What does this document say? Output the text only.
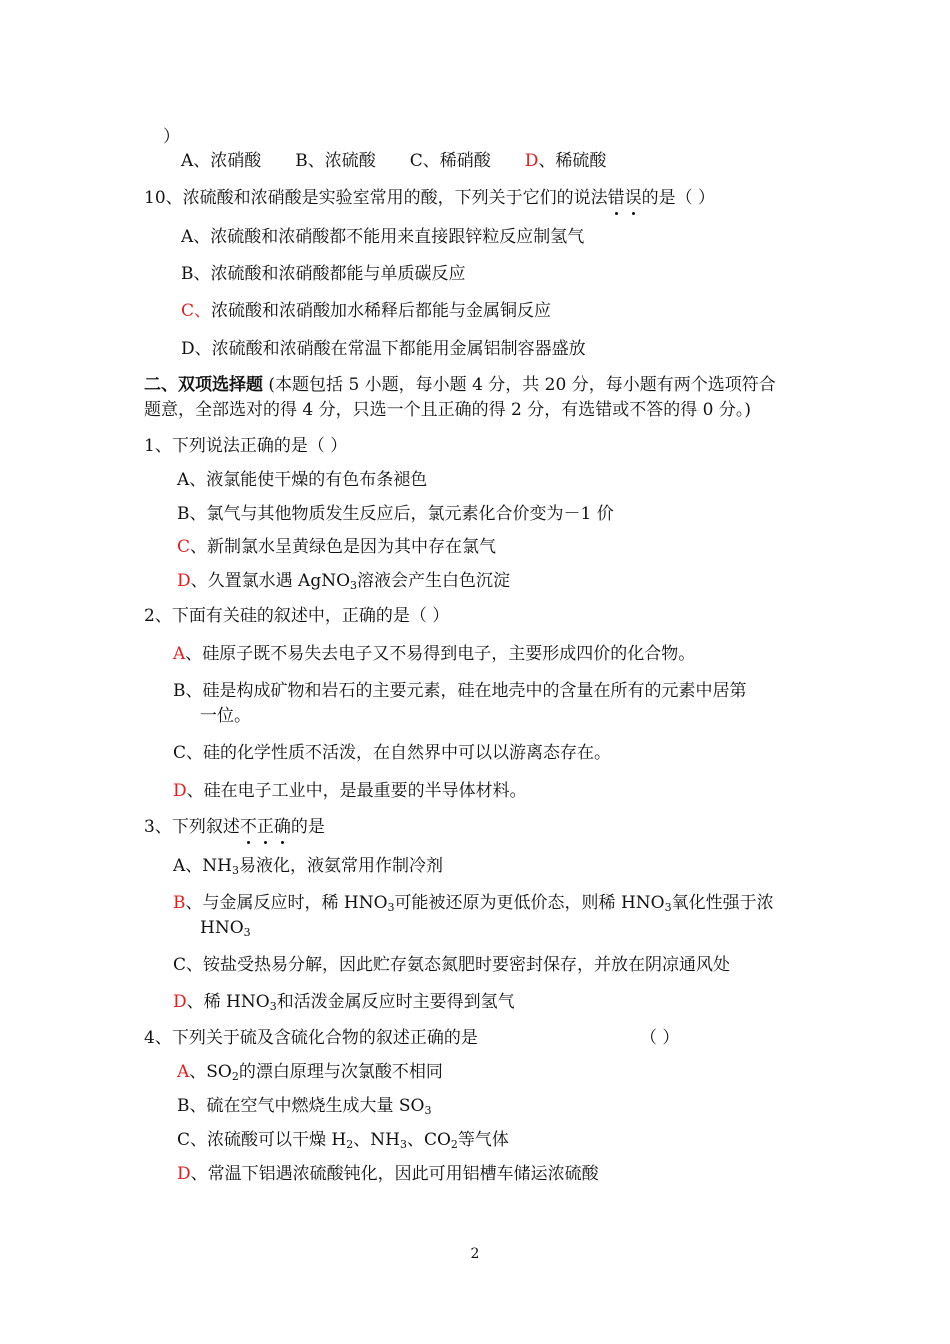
）
A、浓硝酸 B、浓硫酸 C、稀硝酸 D、稀硫酸
10、浓硫酸和浓硝酸是实验室常用的酸，下列关于它们的说法错误的是（ ）
A、浓硫酸和浓硝酸都不能用来直接跟锌粒反应制氢气
B、浓硫酸和浓硝酸都能与单质碳反应
C、浓硫酸和浓硝酸加水稀释后都能与金属铜反应
D、浓硫酸和浓硝酸在常温下都能用金属铝制容器盛放
二、双项选择题 (本题包括 5 小题，每小题 4 分，共 20 分，每小题有两个选项符合
题意，全部选对的得 4 分，只选一个且正确的得 2 分，有选错或不答的得 0 分。)
1、下列说法正确的是（ ）
A、液氯能使干燥的有色布条褪色
B、氯气与其他物质发生反应后，氯元素化合价变为－1 价
C、新制氯水呈黄绿色是因为其中存在氯气
D、久置氯水遇 AgNO$_3$溶液会产生白色沉淀
2、下面有关硅的叙述中，正确的是（ ）
A、硅原子既不易失去电子又不易得到电子，主要形成四价的化合物。
B、硅是构成矿物和岩石的主要元素，硅在地壳中的含量在所有的元素中居第
一位。
C、硅的化学性质不活泼，在自然界中可以以游离态存在。
D、硅在电子工业中，是最重要的半导体材料。
3、下列叙述不正确的是
A、$NH_3$易液化，液氨常用作制冷剂
B、与金属反应时，稀 $HNO_3$可能被还原为更低价态，则稀 $HNO_3$氧化性强于浓
$HNO_3$
C、铵盐受热易分解，因此贮存氨态氮肥时要密封保存，并放在阴凉通风处
D、稀 $HNO_3$和活泼金属反应时主要得到氢气
4、下列关于硫及含硫化合物的叙述正确的是	（ ）
A、$SO_2$的漂白原理与次氯酸不相同
B、硫在空气中燃烧生成大量 $SO_3$
C、浓硫酸可以干燥 $H_2$、$NH_3$、$CO_2$等气体
D、常温下铝遇浓硫酸钝化，因此可用铝槽车储运浓硫酸
2
